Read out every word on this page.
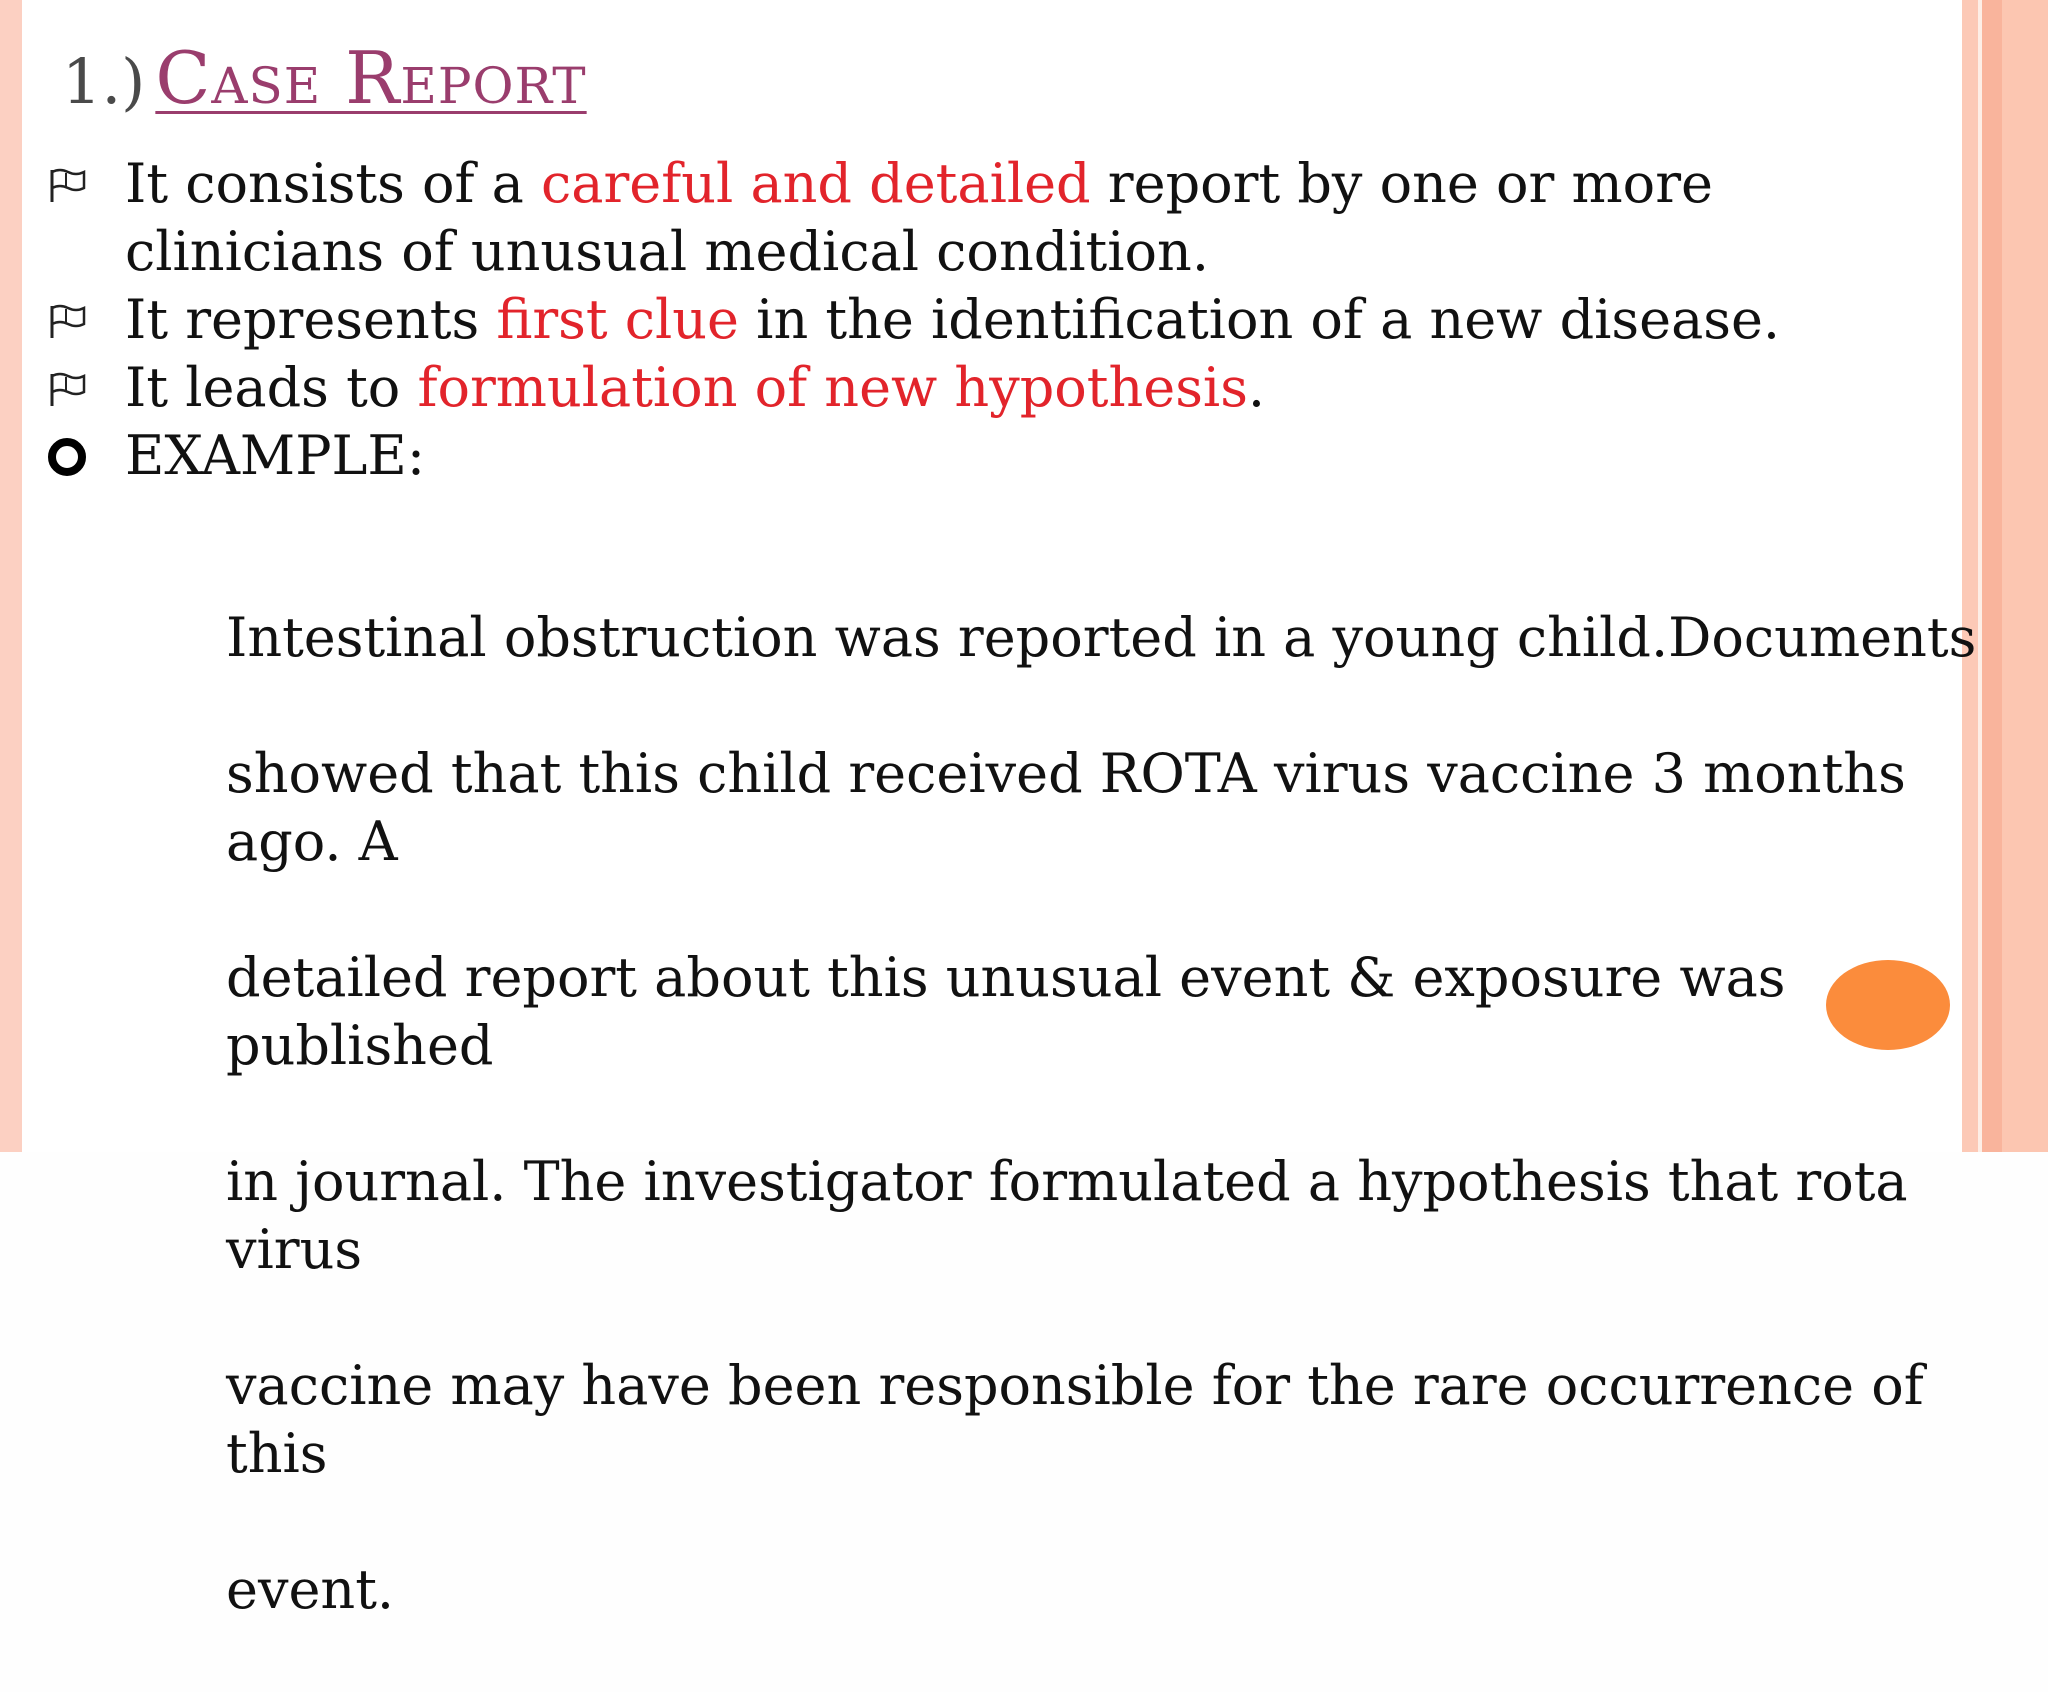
1.) Case Report
It consists of a careful and detailed report by one or more clinicians of unusual medical condition.
It represents first clue in the identification of a new disease.
It leads to formulation of new hypothesis.
EXAMPLE:

Intestinal obstruction was reported in a young child.Documents

showed that this child received ROTA virus vaccine 3 months ago. A

detailed report about this unusual event & exposure was published

in journal. The investigator formulated a hypothesis that rota virus

vaccine may have been responsible for the rare occurrence of this

event.
